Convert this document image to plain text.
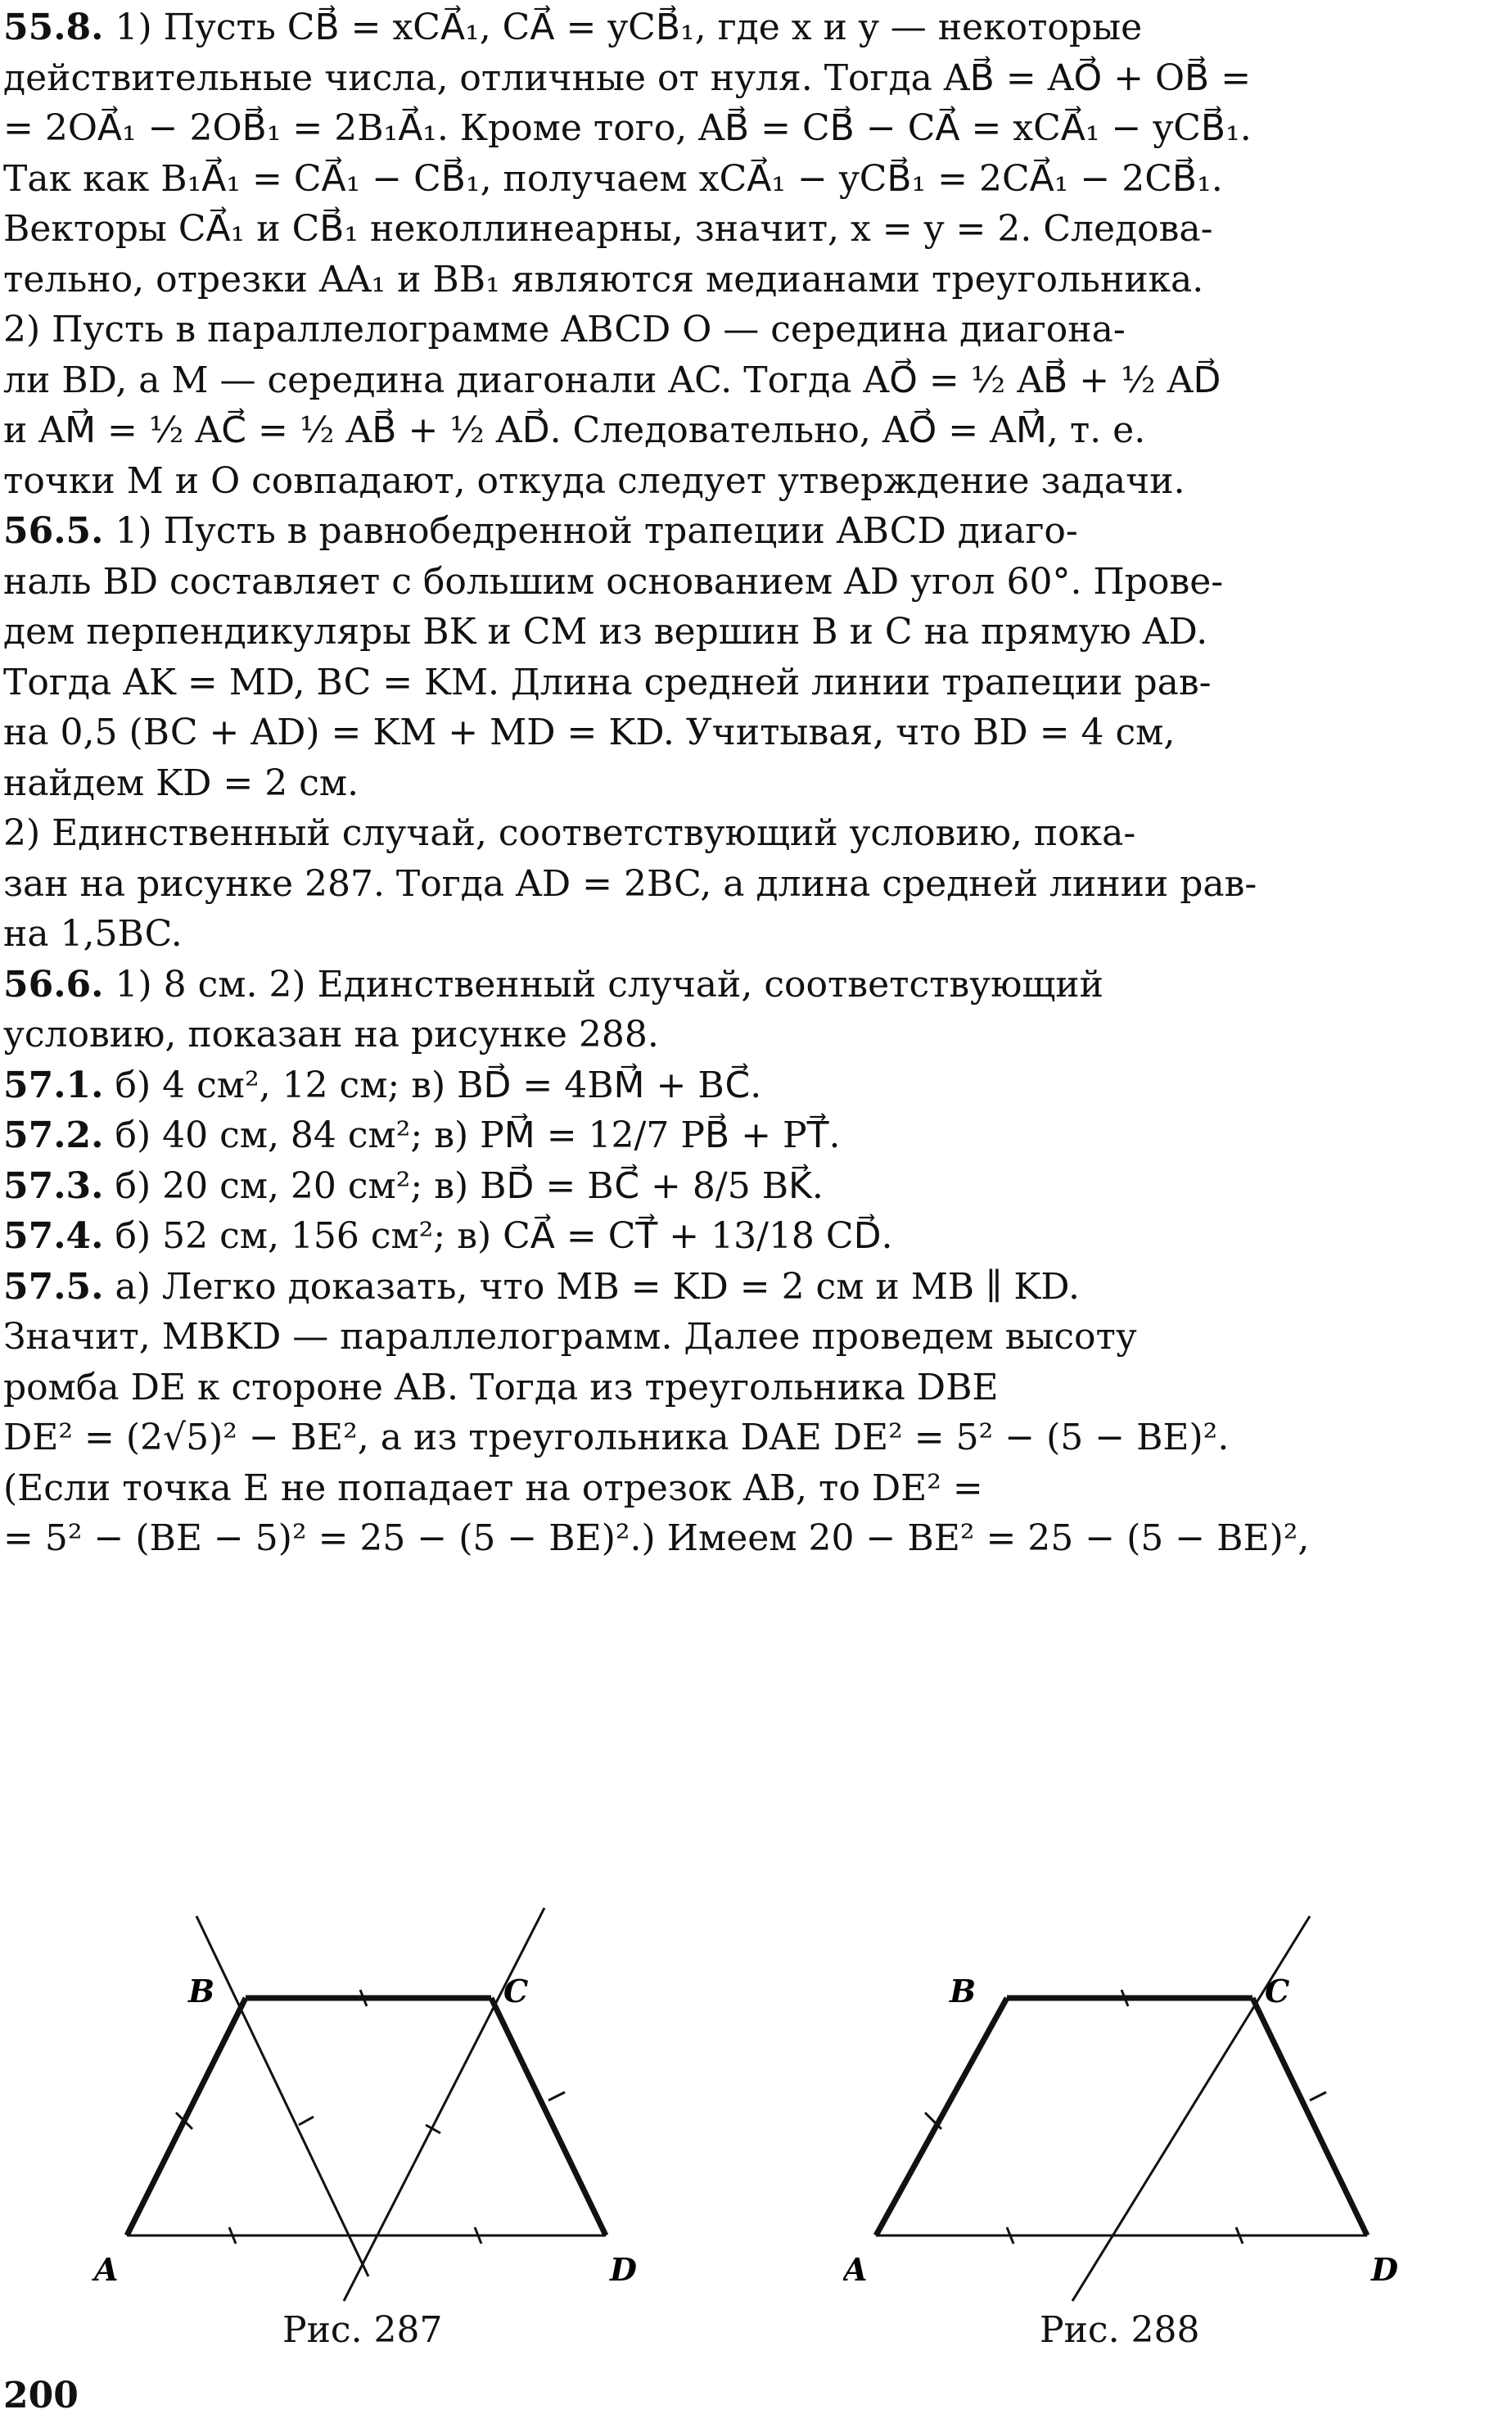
55.8. 1) Пусть CB⃗ = xCA⃗₁, CA⃗ = yCB⃗₁, где x и y — некоторые
действительные числа, отличные от нуля. Тогда AB⃗ = AO⃗ + OB⃗ =
= 2OA⃗₁ − 2OB⃗₁ = 2B₁A⃗₁. Кроме того, AB⃗ = CB⃗ − CA⃗ = xCA⃗₁ − yCB⃗₁.
Так как B₁A⃗₁ = CA⃗₁ − CB⃗₁, получаем xCA⃗₁ − yCB⃗₁ = 2CA⃗₁ − 2CB⃗₁.
Векторы CA⃗₁ и CB⃗₁ неколлинеарны, значит, x = y = 2. Следова-
тельно, отрезки AA₁ и BB₁ являются медианами треугольника.
2) Пусть в параллелограмме ABCD O — середина диагона-
ли BD, а M — середина диагонали AC. Тогда AO⃗ = ½ AB⃗ + ½ AD⃗
и AM⃗ = ½ AC⃗ = ½ AB⃗ + ½ AD⃗. Следовательно, AO⃗ = AM⃗, т. е.
точки M и O совпадают, откуда следует утверждение задачи.
56.5. 1) Пусть в равнобедренной трапеции ABCD диаго-
наль BD составляет с большим основанием AD угол 60°. Прове-
дем перпендикуляры BK и CM из вершин B и C на прямую AD.
Тогда AK = MD, BC = KM. Длина средней линии трапеции рав-
на 0,5 (BC + AD) = KM + MD = KD. Учитывая, что BD = 4 см,
найдем KD = 2 см.
2) Единственный случай, соответствующий условию, пока-
зан на рисунке 287. Тогда AD = 2BC, а длина средней линии рав-
на 1,5BC.
56.6. 1) 8 см. 2) Единственный случай, соответствующий
условию, показан на рисунке 288.
57.1. б) 4 см², 12 см; в) BD⃗ = 4BM⃗ + BC⃗.
57.2. б) 40 см, 84 см²; в) PM⃗ = 12/7 PB⃗ + PT⃗.
57.3. б) 20 см, 20 см²; в) BD⃗ = BC⃗ + 8/5 BK⃗.
57.4. б) 52 см, 156 см²; в) CA⃗ = CT⃗ + 13/18 CD⃗.
57.5. а) Легко доказать, что MB = KD = 2 см и MB ∥ KD.
Значит, MBKD — параллелограмм. Далее проведем высоту
ромба DE к стороне AB. Тогда из треугольника DBE
DE² = (2√5)² − BE², а из треугольника DAE DE² = 5² − (5 − BE)².
(Если точка E не попадает на отрезок AB, то DE² =
= 5² − (BE − 5)² = 25 − (5 − BE)².) Имеем 20 − BE² = 25 − (5 − BE)²,
B	C
A	D
Рис. 287
B	C
A	D
Рис. 288
200
